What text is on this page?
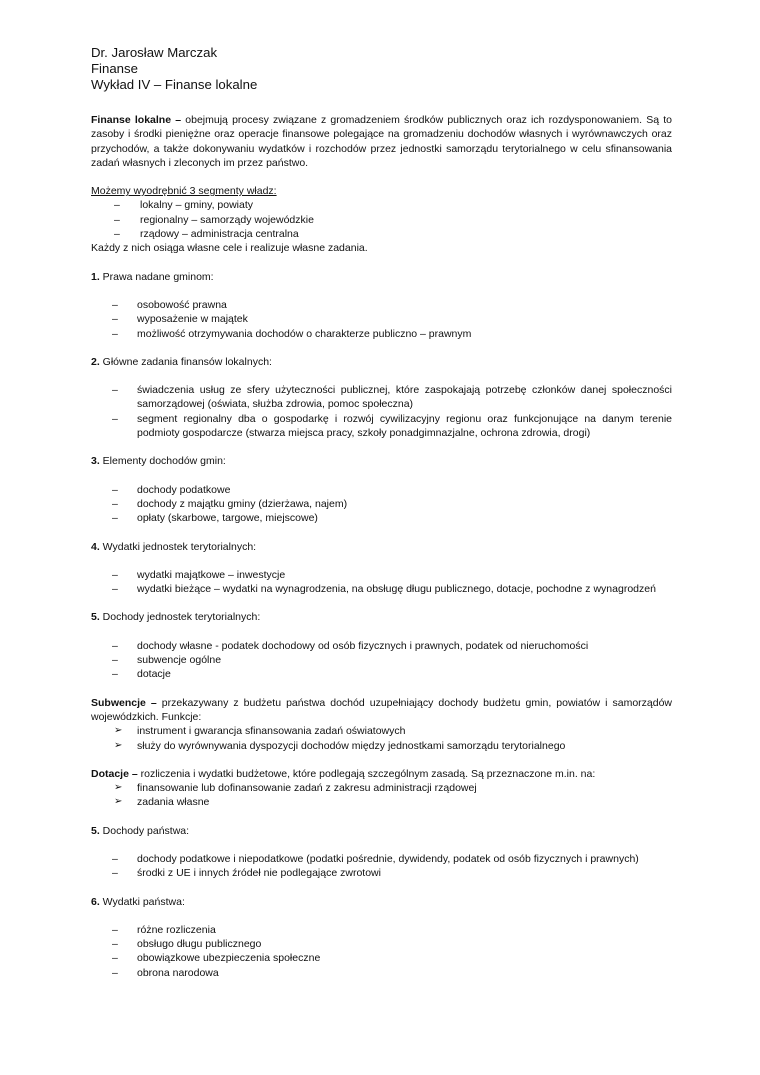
Dr. Jarosław Marczak
Finanse
Wykład IV – Finanse lokalne

Finanse lokalne – obejmują procesy związane z gromadzeniem środków publicznych oraz ich rozdysponowaniem. Są to zasoby i środki pieniężne oraz operacje finansowe polegające na gromadzeniu dochodów własnych i wyrównawczych oraz przychodów, a także dokonywaniu wydatków i rozchodów przez jednostki samorządu terytorialnego w celu sfinansowania zadań własnych i zleconych im przez państwo.

Możemy wyodrębnić 3 segmenty władz:
– lokalny – gminy, powiaty
– regionalny – samorządy wojewódzkie
– rządowy – administracja centralna
Każdy z nich osiąga własne cele i realizuje własne zadania.
1. Prawa nadane gminom:
– osobowość prawna
– wyposażenie w majątek
– możliwość otrzymywania dochodów o charakterze publiczno – prawnym
2. Główne zadania finansów lokalnych:
– świadczenia usług ze sfery użyteczności publicznej, które zaspokajają potrzebę członków danej społeczności samorządowej (oświata, służba zdrowia, pomoc społeczna)
– segment regionalny dba o gospodarkę i rozwój cywilizacyjny regionu oraz funkcjonujące na danym terenie podmioty gospodarcze (stwarza miejsca pracy, szkoły ponadgimnazjalne, ochrona zdrowia, drogi)
3. Elementy dochodów gmin:
– dochody podatkowe
– dochody z majątku gminy (dzierżawa, najem)
– opłaty (skarbowe, targowe, miejscowe)
4. Wydatki jednostek terytorialnych:
– wydatki majątkowe – inwestycje
– wydatki bieżące – wydatki na wynagrodzenia, na obsługę długu publicznego, dotacje, pochodne z wynagrodzeń
5. Dochody jednostek terytorialnych:
– dochody własne - podatek dochodowy od osób fizycznych i prawnych, podatek od nieruchomości
– subwencje ogólne
– dotacje
Subwencje – przekazywany z budżetu państwa dochód uzupełniający dochody budżetu gmin, powiatów i samorządów wojewódzkich. Funkcje:
➢ instrument i gwarancja sfinansowania zadań oświatowych
➢ służy do wyrównywania dyspozycji dochodów między jednostkami samorządu terytorialnego
Dotacje – rozliczenia i wydatki budżetowe, które podlegają szczególnym zasadą. Są przeznaczone m.in. na:
➢ finansowanie lub dofinansowanie zadań z zakresu administracji rządowej
➢ zadania własne
5. Dochody państwa:
– dochody podatkowe i niepodatkowe (podatki pośrednie, dywidendy, podatek od osób fizycznych i prawnych)
– środki z UE i innych źródeł nie podlegające zwrotowi
6. Wydatki państwa:
– różne rozliczenia
– obsługo długu publicznego
– obowiązkowe ubezpieczenia społeczne
– obrona narodowa
